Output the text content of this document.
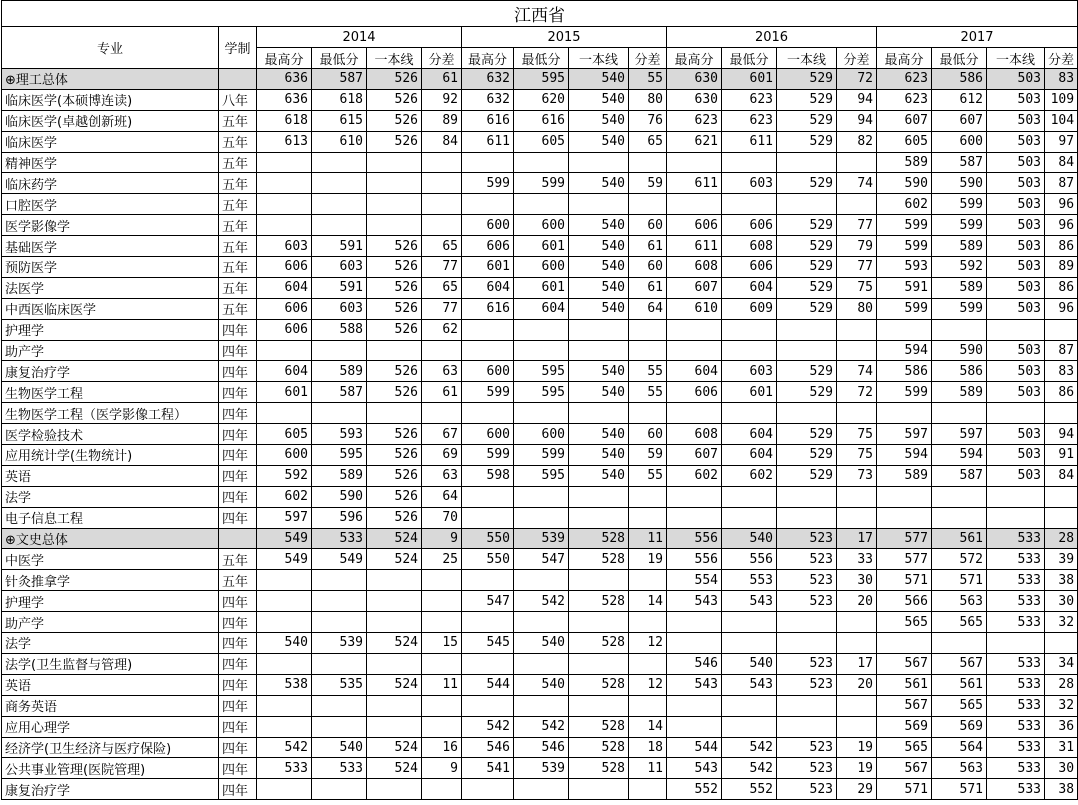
江西省																	
专业	学制	2014				2015				2016				2017			
		最高分	最低分	一本线	分差	最高分	最低分	一本线	分差	最高分	最低分	一本线	分差	最高分	最低分	一本线	分差
⊕理工总体		636	587	526	61	632	595	540	55	630	601	529	72	623	586	503	83
临床医学(本硕博连读)	八年	636	618	526	92	632	620	540	80	630	623	529	94	623	612	503	109
临床医学(卓越创新班)	五年	618	615	526	89	616	616	540	76	623	623	529	94	607	607	503	104
临床医学	五年	613	610	526	84	611	605	540	65	621	611	529	82	605	600	503	97
精神医学	五年													589	587	503	84
临床药学	五年					599	599	540	59	611	603	529	74	590	590	503	87
口腔医学	五年													602	599	503	96
医学影像学	五年					600	600	540	60	606	606	529	77	599	599	503	96
基础医学	五年	603	591	526	65	606	601	540	61	611	608	529	79	599	589	503	86
预防医学	五年	606	603	526	77	601	600	540	60	608	606	529	77	593	592	503	89
法医学	五年	604	591	526	65	604	601	540	61	607	604	529	75	591	589	503	86
中西医临床医学	五年	606	603	526	77	616	604	540	64	610	609	529	80	599	599	503	96
护理学	四年	606	588	526	62												
助产学	四年													594	590	503	87
康复治疗学	四年	604	589	526	63	600	595	540	55	604	603	529	74	586	586	503	83
生物医学工程	四年	601	587	526	61	599	595	540	55	606	601	529	72	599	589	503	86
生物医学工程（医学影像工程）	四年																
医学检验技术	四年	605	593	526	67	600	600	540	60	608	604	529	75	597	597	503	94
应用统计学(生物统计)	四年	600	595	526	69	599	599	540	59	607	604	529	75	594	594	503	91
英语	四年	592	589	526	63	598	595	540	55	602	602	529	73	589	587	503	84
法学	四年	602	590	526	64												
电子信息工程	四年	597	596	526	70												
⊕文史总体		549	533	524	9	550	539	528	11	556	540	523	17	577	561	533	28
中医学	五年	549	549	524	25	550	547	528	19	556	556	523	33	577	572	533	39
针灸推拿学	五年									554	553	523	30	571	571	533	38
护理学	四年					547	542	528	14	543	543	523	20	566	563	533	30
助产学	四年													565	565	533	32
法学	四年	540	539	524	15	545	540	528	12								
法学(卫生监督与管理)	四年									546	540	523	17	567	567	533	34
英语	四年	538	535	524	11	544	540	528	12	543	543	523	20	561	561	533	28
商务英语	四年													567	565	533	32
应用心理学	四年					542	542	528	14					569	569	533	36
经济学(卫生经济与医疗保险)	四年	542	540	524	16	546	546	528	18	544	542	523	19	565	564	533	31
公共事业管理(医院管理)	四年	533	533	524	9	541	539	528	11	543	542	523	19	567	563	533	30
康复治疗学	四年									552	552	523	29	571	571	533	38
